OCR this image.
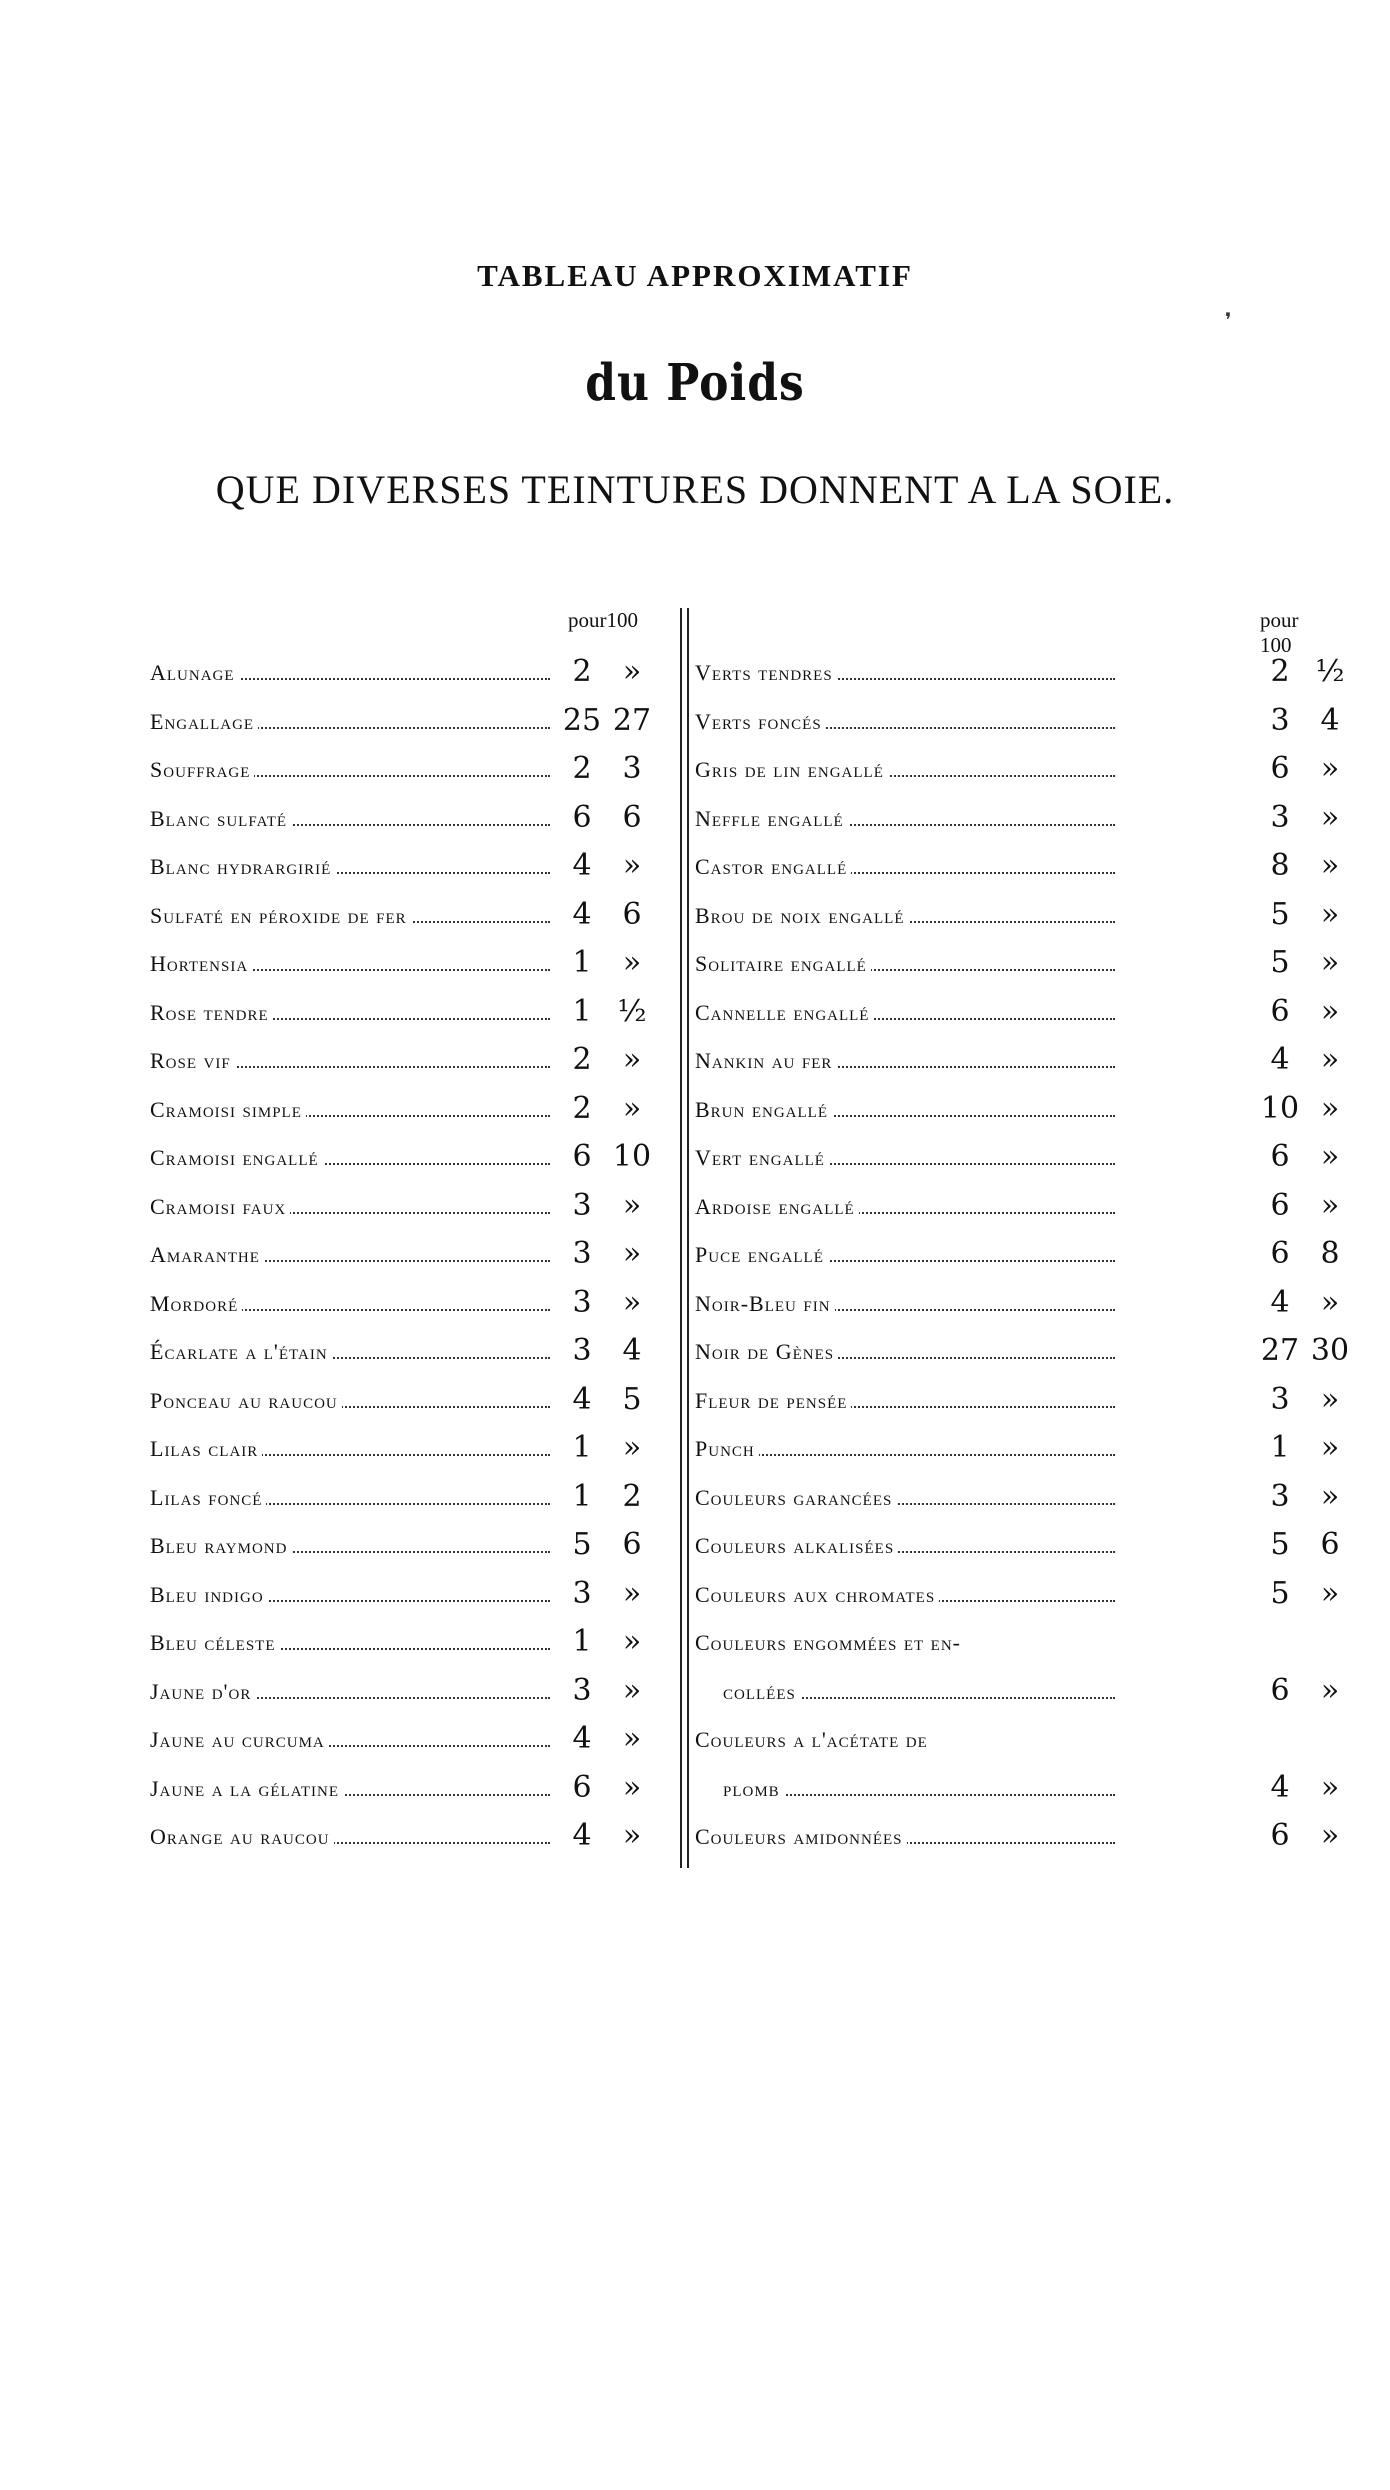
TABLEAU APPROXIMATIF
du Poids
QUE DIVERSES TEINTURES DONNENT A LA SOIE.
pour100
Alunage	2	»
Engallage	25 27
Souffrage	2	3
Blanc sulfaté	6	6
Blanc hydrargirié	4	»
Sulfaté en péroxide de fer	4	6
Hortensia	1	»
Rose tendre	1 ½
Rose vif	2	»
Cramoisi simple	2	»
Cramoisi engallé	6 10
Cramoisi faux	3	»
Amaranthe	3	»
Mordoré	3	»
Écarlate a l'étain	3	4
Ponceau au raucou	4	5
Lilas clair	1	»
Lilas foncé	1	2
Bleu raymond	5	6
Bleu indigo	3	»
Bleu céleste	1	»
Jaune d'or	3	»
Jaune au curcuma	4	»
Jaune a la gélatine	6	»
Orange au raucou	4	»
pour 100
Verts tendres	2 ½
Verts foncés	3	4
Gris de lin engallé	6	»
Neffle engallé	3	»
Castor engallé	8	»
Brou de noix engallé	5	»
Solitaire engallé	5	»
Cannelle engallé	6	»
Nankin au fer	4	»
Brun engallé	10 »
Vert engallé	6	»
Ardoise engallé	6	»
Puce engallé	6	8
Noir-Bleu fin	4	»
Noir de Gènes	27 30
Fleur de pensée	3	»
Punch	1	»
Couleurs garancées	3	»
Couleurs alkalisées	5	6
Couleurs aux chromates	5	»
Couleurs engommées et en-
collées	6	»
Couleurs a l'acétate de
plomb	4	»
Couleurs amidonnées	6	»
❜
